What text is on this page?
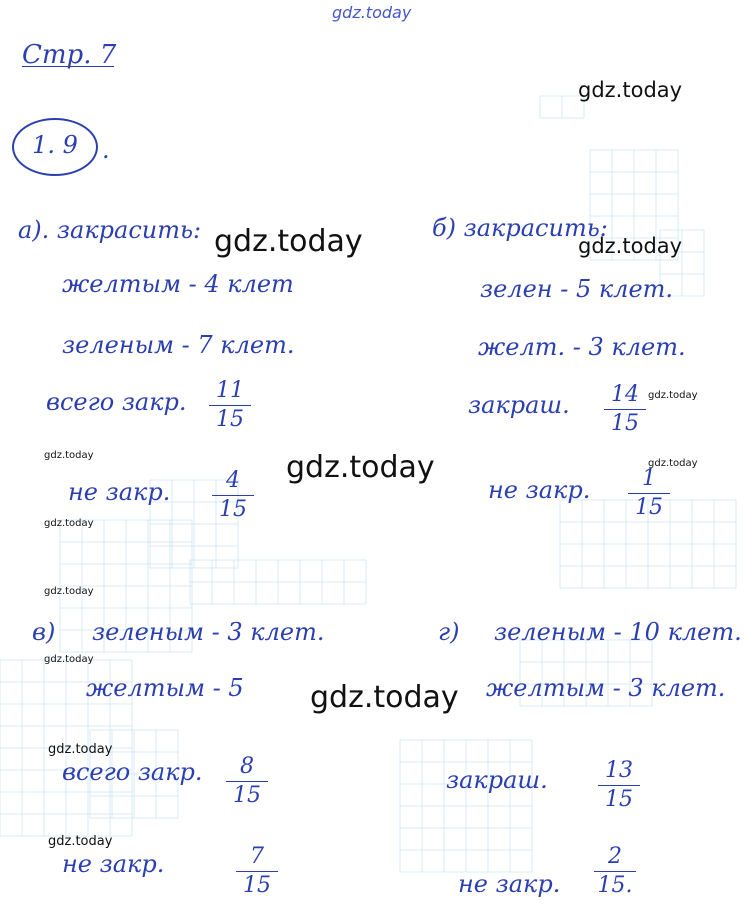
gdz.today
Стр. 7
1. 9	.
а). закрасить:
желтым - 4 клет
зеленым - 7 клет.
всего закр.	11
15
не закр.	4
15
б) закрасить:
зелен - 5 клет.
желт. - 3 клет.
закраш.	14
15
не закр.	1
15
в) зеленым - 3 клет.
желтым - 5
всего закр.	8
15
не закр.	7
15
г) зеленым - 10 клет.
желтым - 3 клет.
закраш.	13
15
не закр.
2
15.
gdz.today
gdz.today	gdz.today
gdz.today
gdz.today	gdz.today	gdz.today
gdz.today
gdz.today
gdz.today
gdz.today
gdz.today
gdz.today
